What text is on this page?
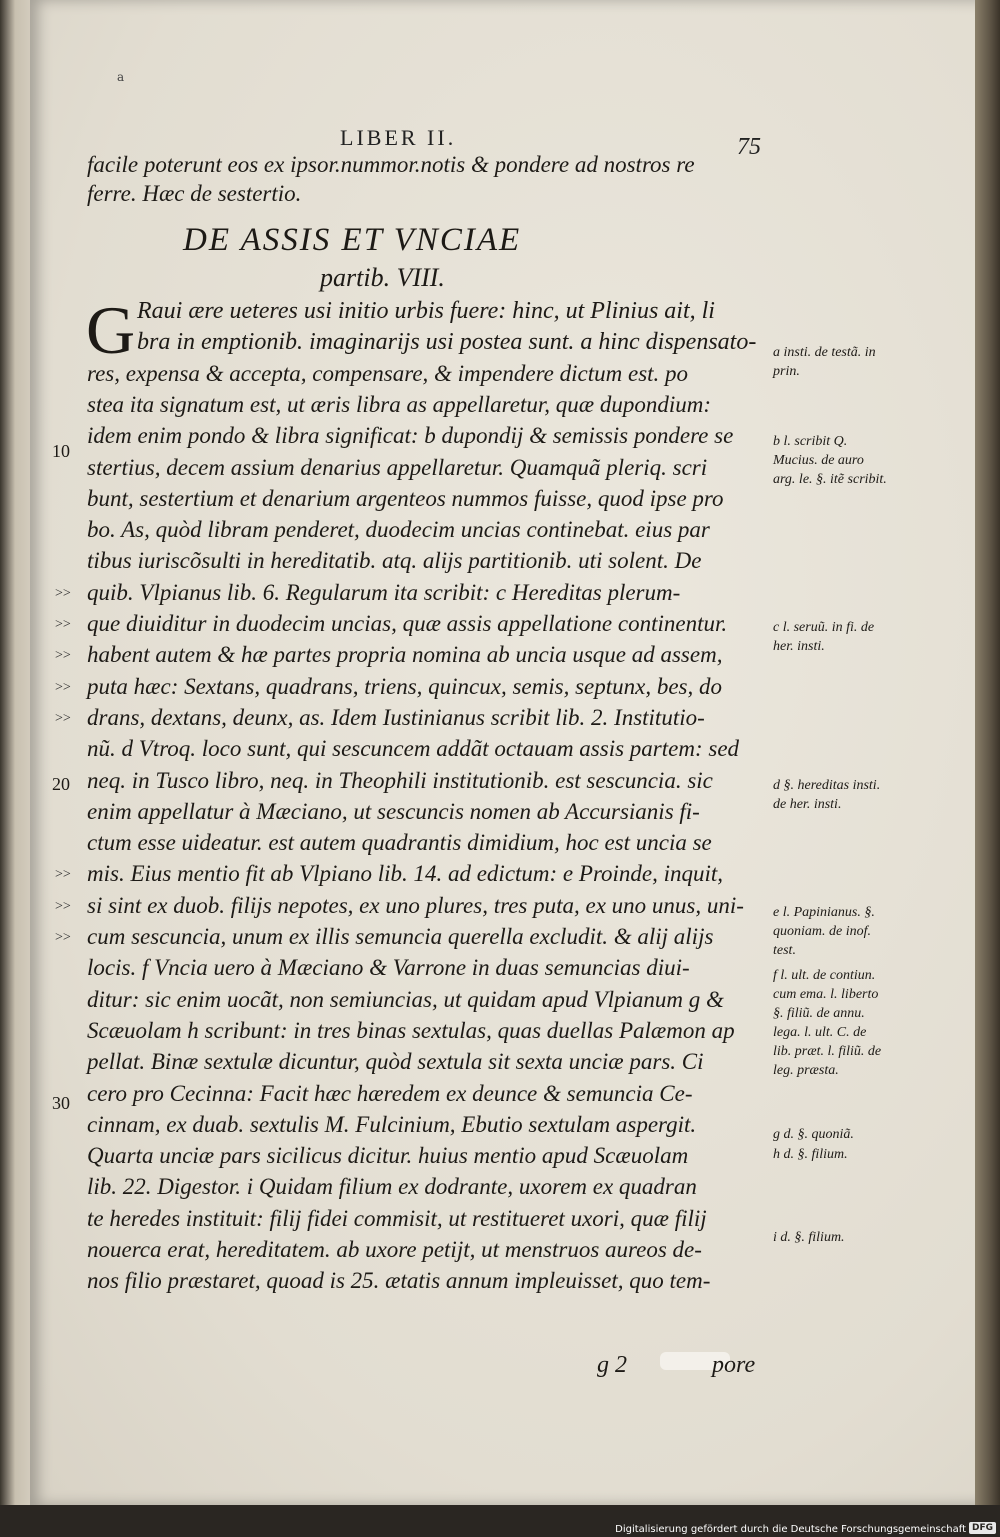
a
LIBER II.	75
facile poterunt eos ex ipsor.nummor.notis & pondere ad nostros re
ferre. Hæc de sestertio.
DE ASSIS ET VNCIAE
partib. VIII.
G Raui ære ueteres usi initio urbis fuere: hinc, ut Plinius ait, li
bra in emptionib. imaginarijs usi postea sunt. a hinc dispensato-
res, expensa & accepta, compensare, & impendere dictum est. po
stea ita signatum est, ut æris libra as appellaretur, quæ dupondium:
idem enim pondo & libra significat: b dupondij & semissis pondere se
stertius, decem assium denarius appellaretur. Quamquã pleriq. scri
bunt, sestertium et denarium argenteos nummos fuisse, quod ipse pro
bo. As, quòd libram penderet, duodecim uncias continebat. eius par
tibus iuriscõsulti in hereditatib. atq. alijs partitionib. uti solent. De
quib. Vlpianus lib. 6. Regularum ita scribit: c Hereditas plerum-
que diuiditur in duodecim uncias, quæ assis appellatione continentur.
habent autem & hæ partes propria nomina ab uncia usque ad assem,
puta hæc: Sextans, quadrans, triens, quincux, semis, septunx, bes, do
drans, dextans, deunx, as. Idem Iustinianus scribit lib. 2. Institutio-
nũ. d Vtroq. loco sunt, qui sescuncem addãt octauam assis partem: sed
neq. in Tusco libro, neq. in Theophili institutionib. est sescuncia. sic
enim appellatur à Mæciano, ut sescuncis nomen ab Accursianis fi-
ctum esse uideatur. est autem quadrantis dimidium, hoc est uncia se
mis. Eius mentio fit ab Vlpiano lib. 14. ad edictum: e Proinde, inquit,
si sint ex duob. filijs nepotes, ex uno plures, tres puta, ex uno unus, uni-
cum sescuncia, unum ex illis semuncia querella excludit. & alij alijs
locis. f Vncia uero à Mæciano & Varrone in duas semuncias diui-
ditur: sic enim uocãt, non semiuncias, ut quidam apud Vlpianum g &
Scæuolam h scribunt: in tres binas sextulas, quas duellas Palæmon ap
pellat. Binæ sextulæ dicuntur, quòd sextula sit sexta unciæ pars. Ci
cero pro Cecinna: Facit hæc hæredem ex deunce & semuncia Ce-
cinnam, ex duab. sextulis M. Fulcinium, Ebutio sextulam aspergit.
Quarta unciæ pars sicilicus dicitur. huius mentio apud Scæuolam
lib. 22. Digestor. i Quidam filium ex dodrante, uxorem ex quadran
te heredes instituit: filij fidei commisit, ut restitueret uxori, quæ filij
nouerca erat, hereditatem. ab uxore petijt, ut menstruos aureos de-
nos filio præstaret, quoad is 25. ætatis annum impleuisset, quo tem-
10
20
30
>>
>>
>>
>>
>>
>>
>>
>>
a insti. de testã. in prin.
b l. scribit Q. Mucius. de auro arg. le. §. itẽ scribit.
c l. seruũ. in fi. de her. insti.
d §. hereditas insti. de her. insti.
e l. Papinianus. §. quoniam. de inof. test.
f l. ult. de contiun. cum ema. l. liberto §. filiũ. de annu. lega. l. ult. C. de lib. præt. l. filiũ. de leg. præsta.
g d. §. quoniã.
h d. §. filium.
i d. §. filium.
g 2	pore
Digitalisierung gefördert durch die Deutsche Forschungsgemeinschaft DFG
